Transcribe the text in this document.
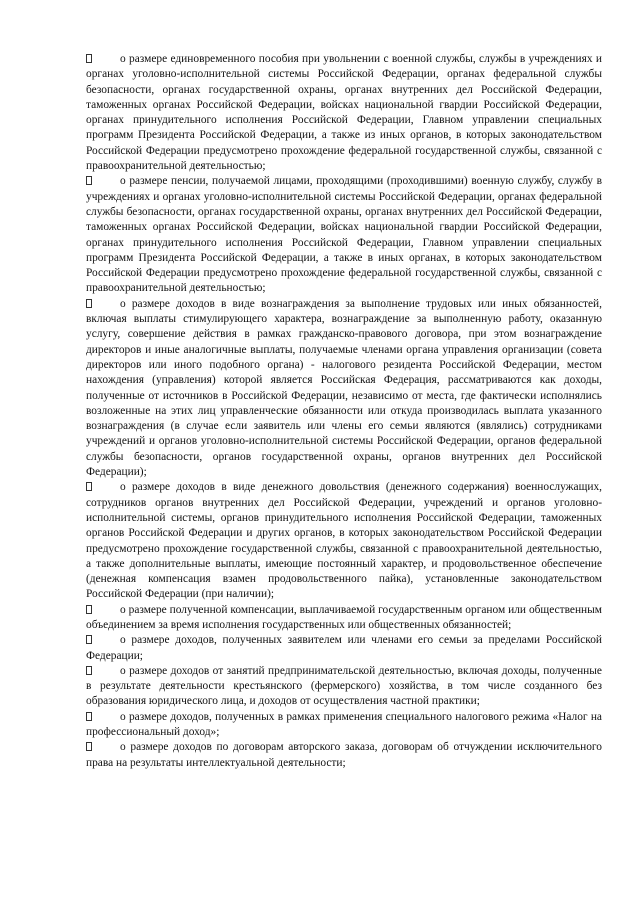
о размере единовременного пособия при увольнении с военной службы, службы в учреждениях и органах уголовно-исполнительной системы Российской Федерации, органах федеральной службы безопасности, органах государственной охраны, органах внутренних дел Российской Федерации, таможенных органах Российской Федерации, войсках национальной гвардии Российской Федерации, органах принудительного исполнения Российской Федерации, Главном управлении специальных программ Президента Российской Федерации, а также из иных органов, в которых законодательством Российской Федерации предусмотрено прохождение федеральной государственной службы, связанной с правоохранительной деятельностью;

о размере пенсии, получаемой лицами, проходящими (проходившими) военную службу, службу в учреждениях и органах уголовно-исполнительной системы Российской Федерации, органах федеральной службы безопасности, органах государственной охраны, органах внутренних дел Российской Федерации, таможенных органах Российской Федерации, войсках национальной гвардии Российской Федерации, органах принудительного исполнения Российской Федерации, Главном управлении специальных программ Президента Российской Федерации, а также в иных органах, в которых законодательством Российской Федерации предусмотрено прохождение федеральной государственной службы, связанной с правоохранительной деятельностью;

о размере доходов в виде вознаграждения за выполнение трудовых или иных обязанностей, включая выплаты стимулирующего характера, вознаграждение за выполненную работу, оказанную услугу, совершение действия в рамках гражданско-правового договора, при этом вознаграждение директоров и иные аналогичные выплаты, получаемые членами органа управления организации (совета директоров или иного подобного органа) - налогового резидента Российской Федерации, местом нахождения (управления) которой является Российская Федерация, рассматриваются как доходы, полученные от источников в Российской Федерации, независимо от места, где фактически исполнялись возложенные на этих лиц управленческие обязанности или откуда производилась выплата указанного вознаграждения (в случае если заявитель или члены его семьи являются (являлись) сотрудниками учреждений и органов уголовно-исполнительной системы Российской Федерации, органов федеральной службы безопасности, органов государственной охраны, органов внутренних дел Российской Федерации);

о размере доходов в виде денежного довольствия (денежного содержания) военнослужащих, сотрудников органов внутренних дел Российской Федерации, учреждений и органов уголовно-исполнительной системы, органов принудительного исполнения Российской Федерации, таможенных органов Российской Федерации и других органов, в которых законодательством Российской Федерации предусмотрено прохождение государственной службы, связанной с правоохранительной деятельностью, а также дополнительные выплаты, имеющие постоянный характер, и продовольственное обеспечение (денежная компенсация взамен продовольственного пайка), установленные законодательством Российской Федерации (при наличии);

о размере полученной компенсации, выплачиваемой государственным органом или общественным объединением за время исполнения государственных или общественных обязанностей;

о размере доходов, полученных заявителем или членами его семьи за пределами Российской Федерации;

о размере доходов от занятий предпринимательской деятельностью, включая доходы, полученные в результате деятельности крестьянского (фермерского) хозяйства, в том числе созданного без образования юридического лица, и доходов от осуществления частной практики;

о размере доходов, полученных в рамках применения специального налогового режима «Налог на профессиональный доход»;

о размере доходов по договорам авторского заказа, договорам об отчуждении исключительного права на результаты интеллектуальной деятельности;
